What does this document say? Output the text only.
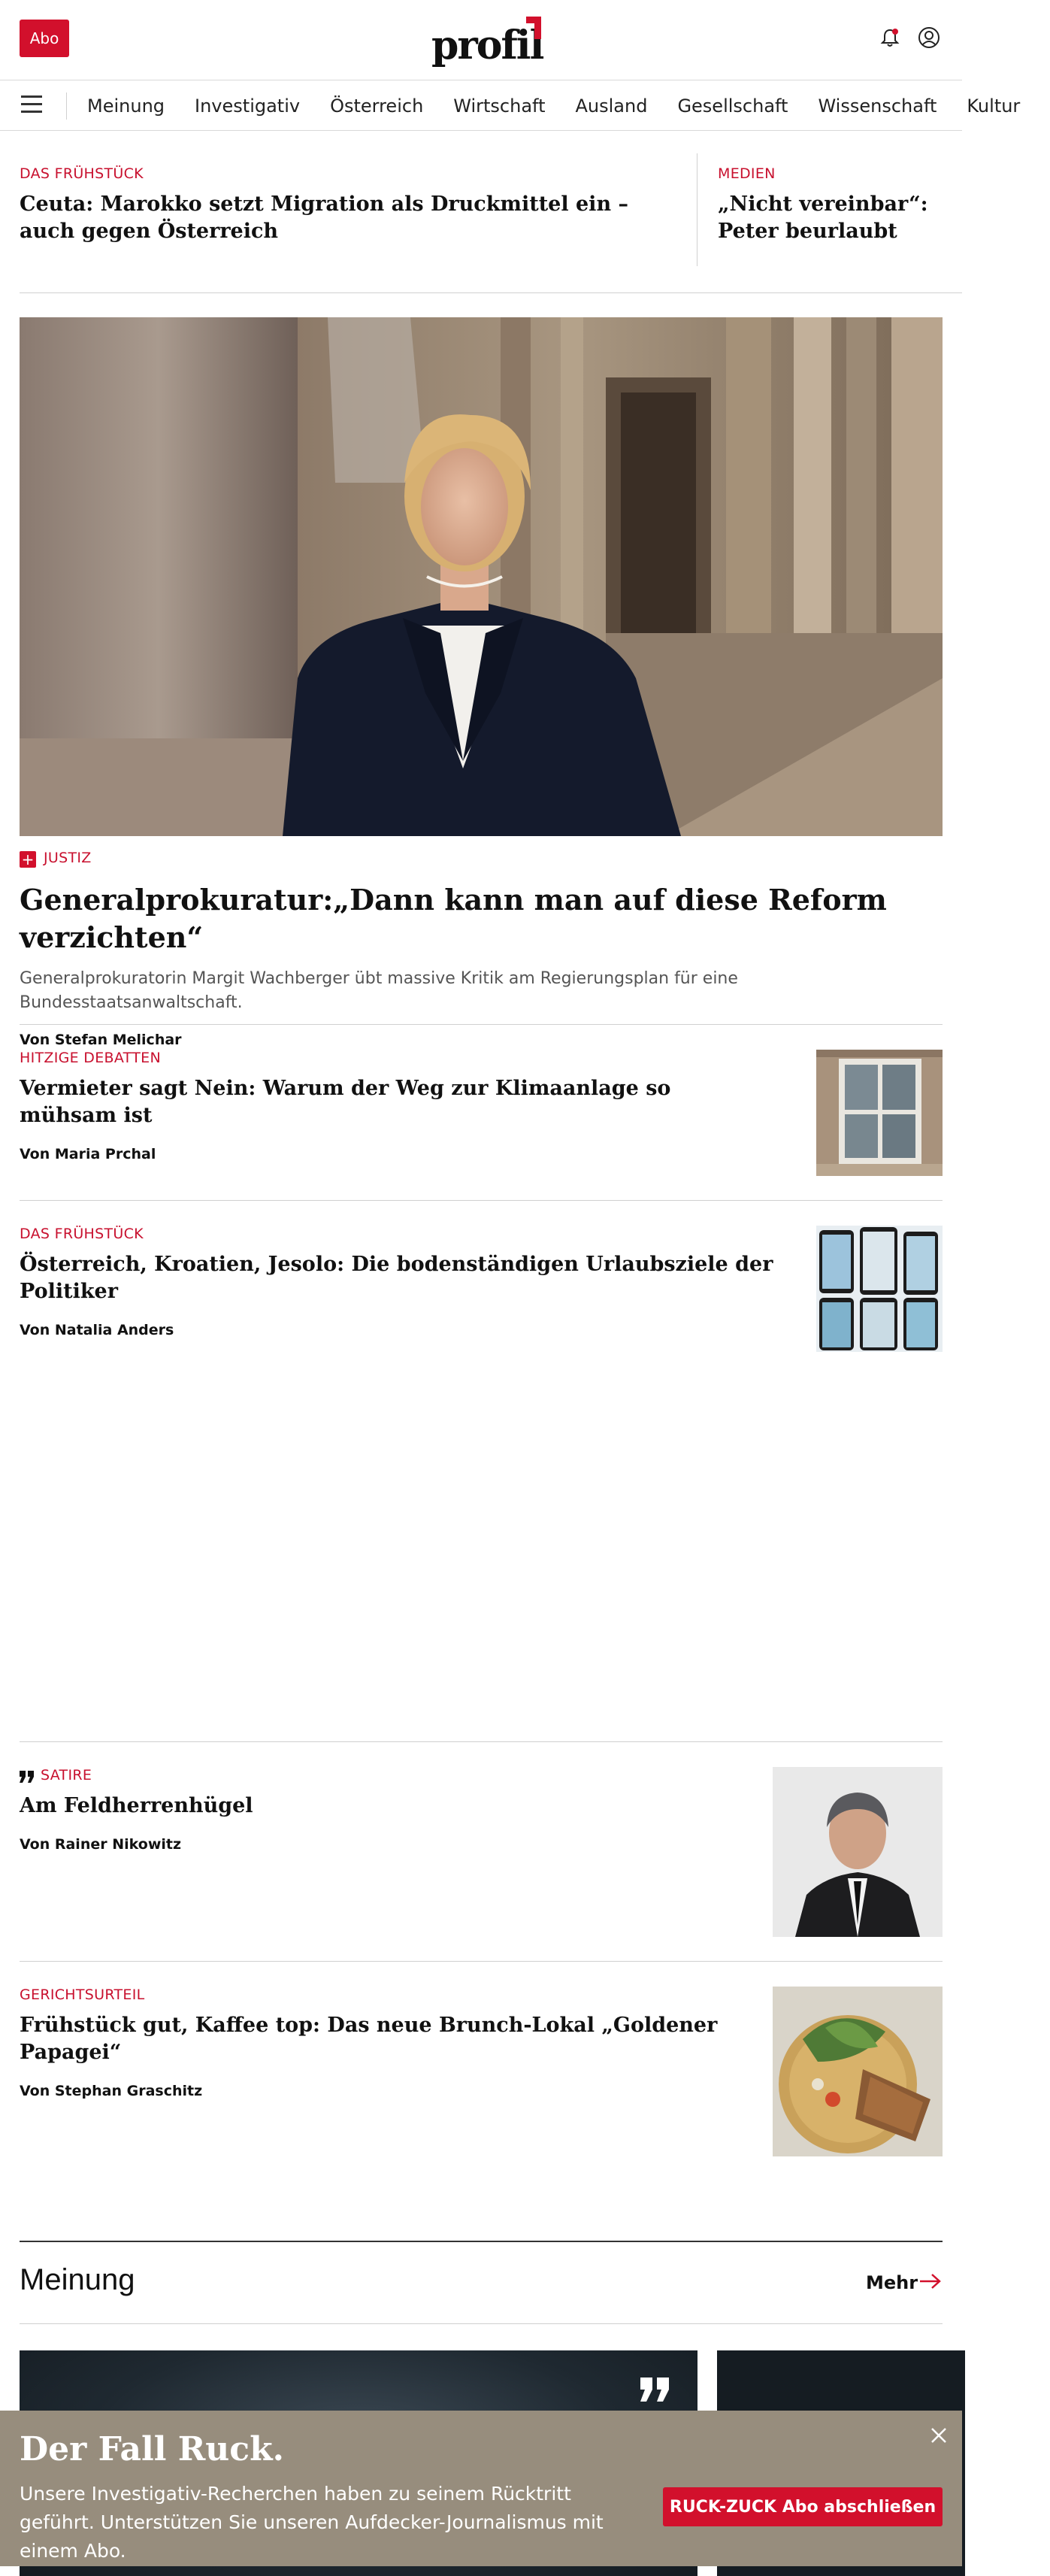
Abo	profil
Meinung Investigativ Österreich Wirtschaft Ausland Gesellschaft Wissenschaft Kultur
DAS FRÜHSTÜCK
Ceuta: Marokko setzt Migration als Druckmittel ein – auch gegen Österreich
MEDIEN
„Nicht vereinbar“: Peter beurlaubt
+ JUSTIZ
Generalprokuratur:„Dann kann man auf diese Reform verzichten“
Generalprokuratorin Margit Wachberger übt massive Kritik am Regierungsplan für eine Bundesstaatsanwaltschaft.
Von Stefan Melichar
HITZIGE DEBATTEN
Vermieter sagt Nein: Warum der Weg zur Klimaanlage so mühsam ist
Von Maria Prchal
DAS FRÜHSTÜCK
Österreich, Kroatien, Jesolo: Die bodenständigen Urlaubsziele der Politiker
Von Natalia Anders
SATIRE
Am Feldherrenhügel
Von Rainer Nikowitz
GERICHTSURTEIL
Frühstück gut, Kaffee top: Das neue Brunch-Lokal „Goldener Papagei“
Von Stephan Graschitz
Meinung	Mehr
Der Fall Ruck.
Unsere Investigativ-Recherchen haben zu seinem Rücktritt geführt. Unterstützen Sie unseren Aufdecker-Journalismus mit einem Abo.
RUCK-ZUCK Abo abschließen
